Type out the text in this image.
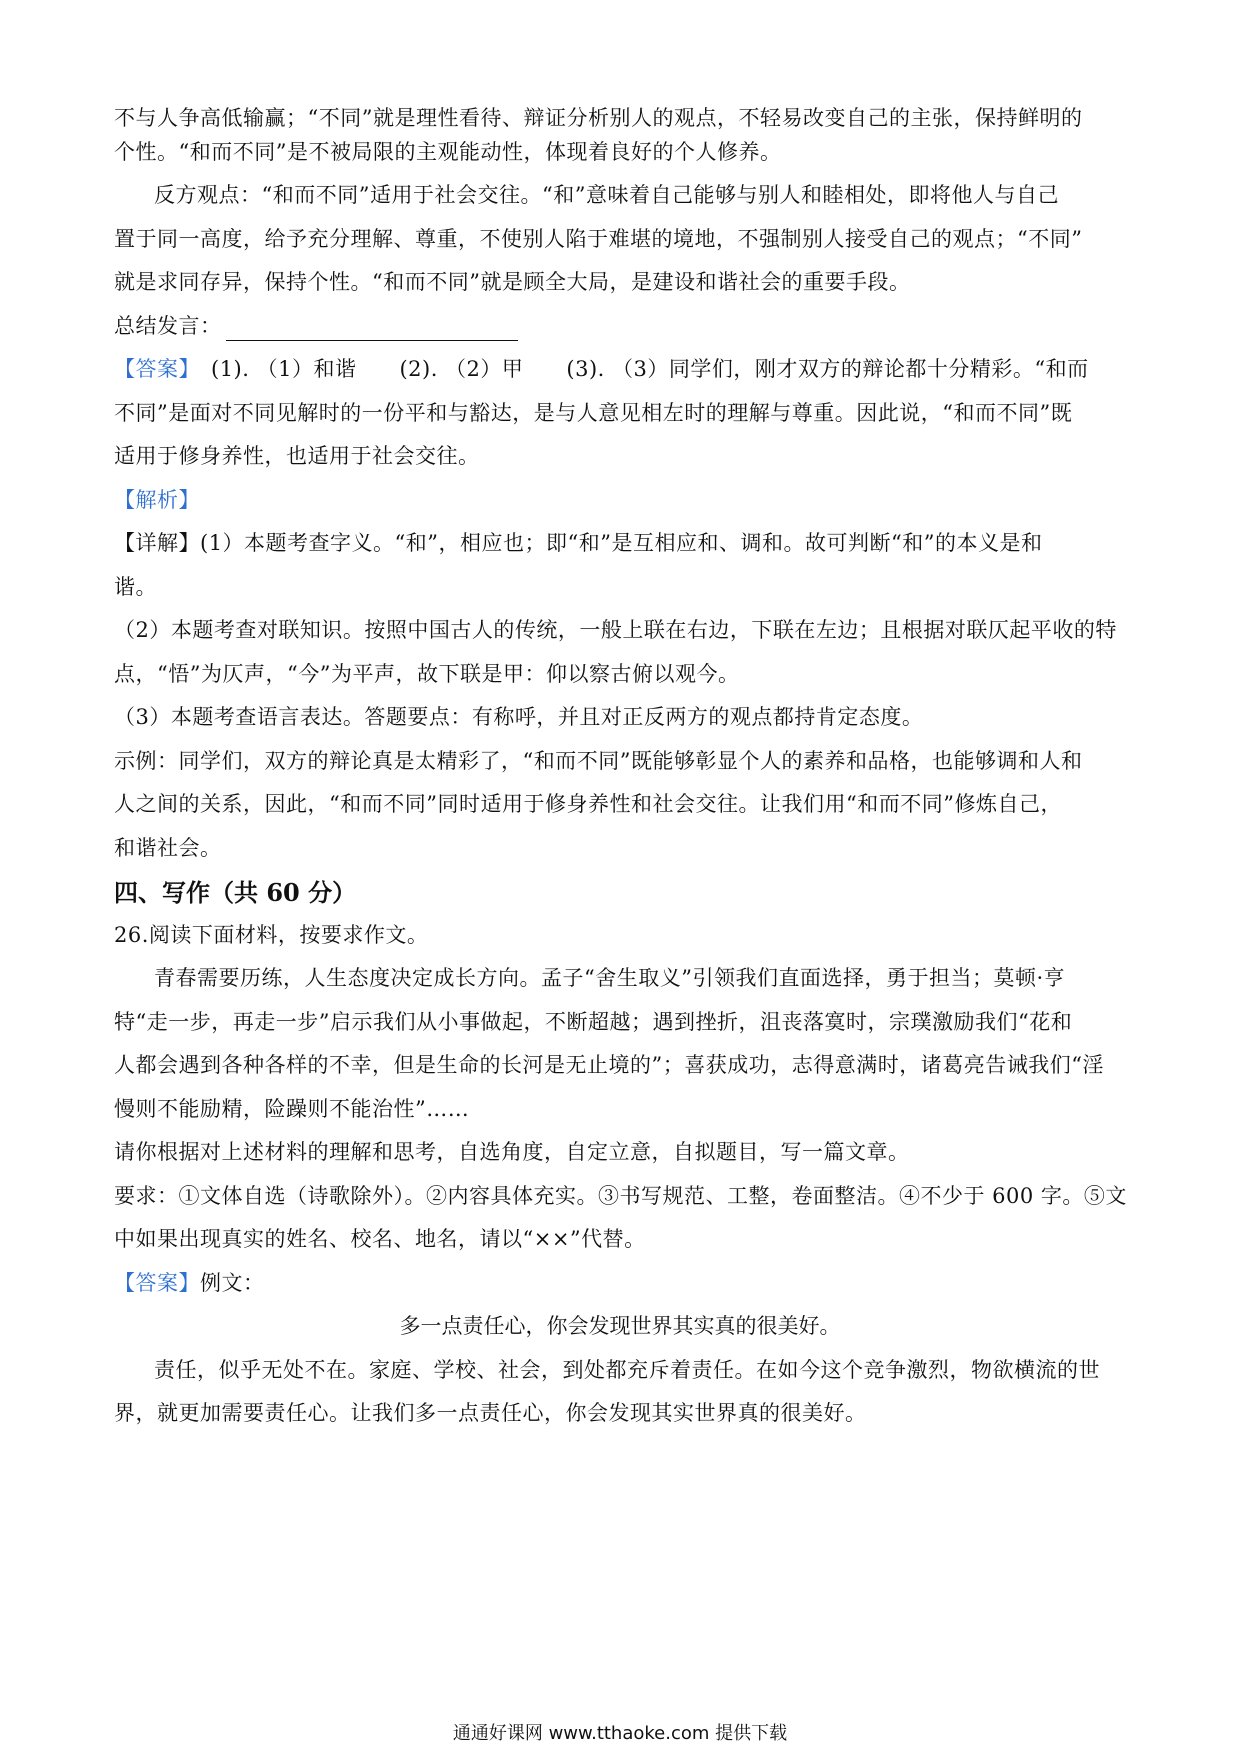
不与人争高低输赢；“不同”就是理性看待、辩证分析别人的观点，不轻易改变自己的主张，保持鲜明的
个性。“和而不同”是不被局限的主观能动性，体现着良好的个人修养。
反方观点：“和而不同”适用于社会交往。“和”意味着自己能够与别人和睦相处，即将他人与自己
置于同一高度，给予充分理解、尊重，不使别人陷于难堪的境地，不强制别人接受自己的观点；“不同”
就是求同存异，保持个性。“和而不同”就是顾全大局，是建设和谐社会的重要手段。
总结发言：
【答案】　(1). （1）和谐　　(2). （2）甲　　(3). （3）同学们，刚才双方的辩论都十分精彩。“和而
不同”是面对不同见解时的一份平和与豁达，是与人意见相左时的理解与尊重。因此说，“和而不同”既
适用于修身养性，也适用于社会交往。
【解析】
【详解】(1）本题考查字义。“和”，相应也；即“和”是互相应和、调和。故可判断“和”的本义是和
谐。
（2）本题考查对联知识。按照中国古人的传统，一般上联在右边，下联在左边；且根据对联仄起平收的特
点，“悟”为仄声，“今”为平声，故下联是甲：仰以察古俯以观今。
（3）本题考查语言表达。答题要点：有称呼，并且对正反两方的观点都持肯定态度。
示例：同学们，双方的辩论真是太精彩了，“和而不同”既能够彰显个人的素养和品格，也能够调和人和
人之间的关系，因此，“和而不同”同时适用于修身养性和社会交往。让我们用“和而不同”修炼自己，
和谐社会。
四、写作（共 60 分）
26.阅读下面材料，按要求作文。
青春需要历练，人生态度决定成长方向。孟子“舍生取义”引领我们直面选择，勇于担当；莫顿·亨
特“走一步，再走一步”启示我们从小事做起，不断超越；遇到挫折，沮丧落寞时，宗璞激励我们“花和
人都会遇到各种各样的不幸，但是生命的长河是无止境的”；喜获成功，志得意满时，诸葛亮告诫我们“淫
慢则不能励精，险躁则不能治性”……
请你根据对上述材料的理解和思考，自选角度，自定立意，自拟题目，写一篇文章。
要求：①文体自选（诗歌除外）。②内容具体充实。③书写规范、工整，卷面整洁。④不少于 600 字。⑤文
中如果出现真实的姓名、校名、地名，请以“××”代替。
【答案】例文：
多一点责任心，你会发现世界其实真的很美好。
责任，似乎无处不在。家庭、学校、社会，到处都充斥着责任。在如今这个竞争激烈，物欲横流的世
界，就更加需要责任心。让我们多一点责任心，你会发现其实世界真的很美好。
通通好课网 www.tthaoke.com 提供下载
